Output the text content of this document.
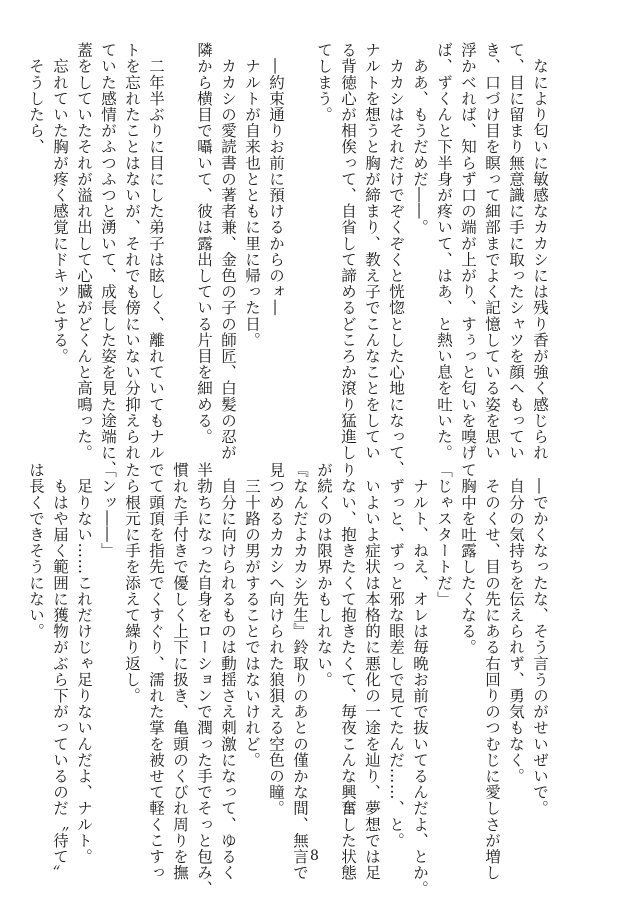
　なにより匂いに敏感なカカシには残り香が強く感じられ
て、目に留まり無意識に手に取ったシャツを顔へもってい
き、口づけ目を瞑って細部までよく記憶している姿を思い
浮かべれば、知らず口の端が上がり、すぅっと匂いを嗅げ
ば、ずくんと下半身が疼いて、はあ、と熱い息を吐いた。
　ああ、もうだめだ――。
　カカシはそれだけでぞくぞくと恍惚とした心地になって、
ナルトを想うと胸が締まり、教え子でこんなことをしてい
る背徳心が相俟って、自省して諦めるどころか滾り猛進し
てしまう。
　―約束通りお前に預けるからのォ―
　ナルトが自来也とともに里に帰った日。
　カカシの愛読書の著者兼、金色の子の師匠、白髪の忍が
隣から横目で囁いて、彼は露出している片目を細める。
　二年半ぶりに目にした弟子は眩しく、離れていてもナル
トを忘れたことはないが、それでも傍にいない分抑えられ
ていた感情がふつふつと湧いて、成長した姿を見た途端に、
蓋をしていたそれが溢れ出して心臓がどくんと高鳴った。
　忘れていた胸が疼く感覚にドキッとする。
　そうしたら、
　―でかくなったな、そう言うのがせいぜいで。
　自分の気持ちを伝えられず、勇気もなく。
　そのくせ、目の先にある右回りのつむじに愛しさが増し
て胸中を吐露したくなる。
「じゃスタートだ」
　ナルト、ねえ、オレは毎晩お前で抜いてるんだよ、とか。
　ずっと、ずっと邪な眼差しで見てたんだ……、と。
　いよいよ症状は本格的に悪化の一途を辿り、夢想では足
りない、抱きたくて抱きたくて、毎夜こんな興奮した状態
が続くのは限界かもしれない。
『なんだよカカシ先生』鈴取りのあとの僅かな間、無言で
見つめるカカシへ向けられた狼狽える空色の瞳。
　三十路の男がすることではないけれど。
　自分に向けられるものは動揺さえ刺激になって、ゆるく
半勃ちになった自身をローションで潤った手でそっと包み、
慣れた手付きで優しく上下に扱き、亀頭のくびれ周りを撫
でて頭頂を指先でくすぐり、濡れた掌を被せて軽くこすっ
たら根元に手を添えて繰り返し。
「ンッ――」
　足りない……これだけじゃ足りないんだよ、ナルト。
　もはや届く範囲に獲物がぶら下がっているのだ〝待て〟
は長くできそうにない。
8
